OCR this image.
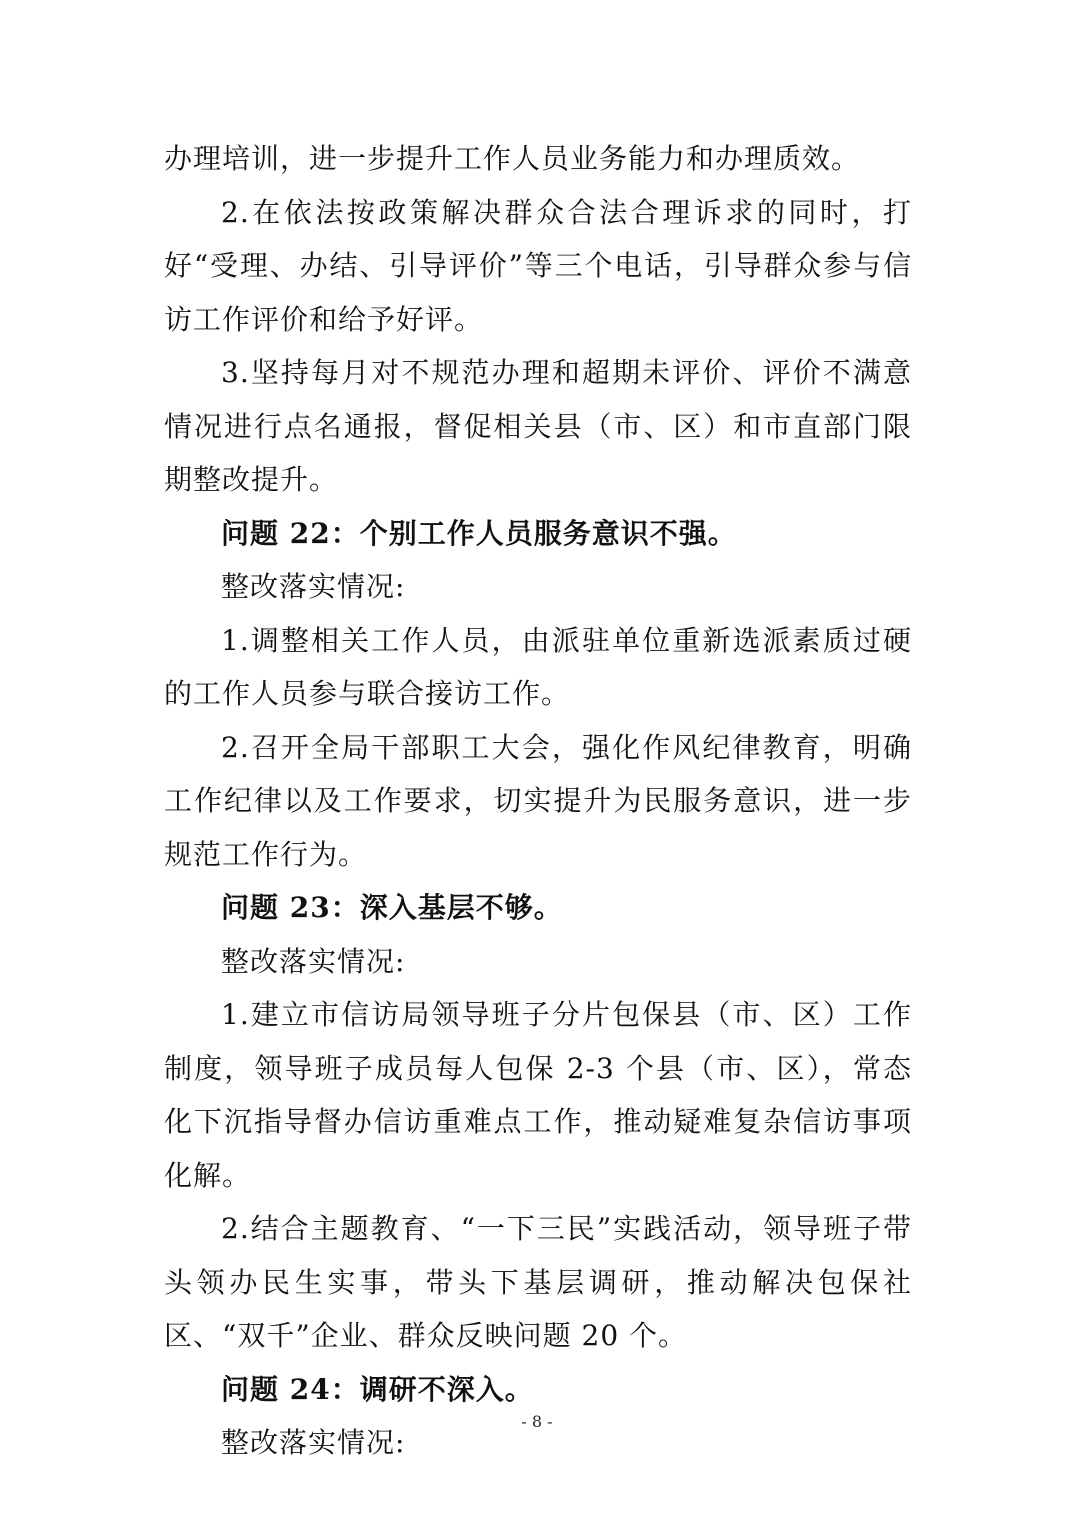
办理培训，进一步提升工作人员业务能力和办理质效。

2.在依法按政策解决群众合法合理诉求的同时，打好“受理、办结、引导评价”等三个电话，引导群众参与信访工作评价和给予好评。

3.坚持每月对不规范办理和超期未评价、评价不满意情况进行点名通报，督促相关县（市、区）和市直部门限期整改提升。

问题 22：个别工作人员服务意识不强。

整改落实情况:

1.调整相关工作人员，由派驻单位重新选派素质过硬的工作人员参与联合接访工作。

2.召开全局干部职工大会，强化作风纪律教育，明确工作纪律以及工作要求，切实提升为民服务意识，进一步规范工作行为。

问题 23：深入基层不够。

整改落实情况:

1.建立市信访局领导班子分片包保县（市、区）工作制度，领导班子成员每人包保 2-3 个县（市、区），常态化下沉指导督办信访重难点工作，推动疑难复杂信访事项化解。

2.结合主题教育、“一下三民”实践活动，领导班子带头领办民生实事，带头下基层调研，推动解决包保社区、“双千”企业、群众反映问题 20 个。

问题 24：调研不深入。

整改落实情况:

- 8 -
